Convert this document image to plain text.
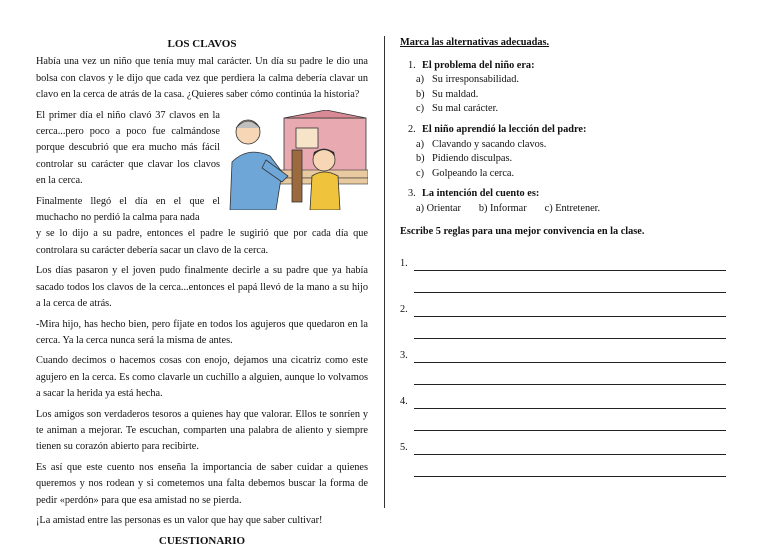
LOS CLAVOS

Había una vez un niño que tenía muy mal carácter. Un día su padre le dio una bolsa con clavos y le dijo que cada vez que perdiera la calma debería clavar un clavo en la cerca de atrás de la casa. ¿Quieres saber cómo continúa la historia?

El primer día el niño clavó 37 clavos en la cerca...pero poco a poco fue calmándose porque descubrió que era mucho más fácil controlar su carácter que clavar los clavos en la cerca.

Finalmente llegó el día en el que el muchacho no perdió la calma para nada

y se lo dijo a su padre, entonces el padre le sugirió que por cada día que controlara su carácter debería sacar un clavo de la cerca.

Los días pasaron y el joven pudo finalmente decirle a su padre que ya había sacado todos los clavos de la cerca...entonces el papá llevó de la mano a su hijo a la cerca de atrás.

-Mira hijo, has hecho bien, pero fíjate en todos los agujeros que quedaron en la cerca. Ya la cerca nunca será la misma de antes.

Cuando decimos o hacemos cosas con enojo, dejamos una cicatriz como este agujero en la cerca. Es como clavarle un cuchillo a alguien, aunque lo volvamos a sacar la herida ya está hecha.

Los amigos son verdaderos tesoros a quienes hay que valorar. Ellos te sonríen y te animan a mejorar. Te escuchan, comparten una palabra de aliento y siempre tienen su corazón abierto para recibirte.

Es así que este cuento nos enseña la importancia de saber cuidar a quienes queremos y nos rodean y si cometemos una falta debemos buscar la forma de pedir «perdón» para que esa amistad no se pierda.

¡La amistad entre las personas es un valor que hay que saber cultivar!

CUESTIONARIO
Marca las alternativas adecuadas.
1. El problema del niño era:
a) Su irresponsabilidad.
b) Su maldad.
c) Su mal carácter.
2. El niño aprendió la lección del padre:
a) Clavando y sacando clavos.
b) Pidiendo disculpas.
c) Golpeando la cerca.
3. La intención del cuento es:
a) Orientar b) Informar c) Entretener.
Escribe 5 reglas para una mejor convivencia en la clase.
1.
2.
3.
4.
5.
